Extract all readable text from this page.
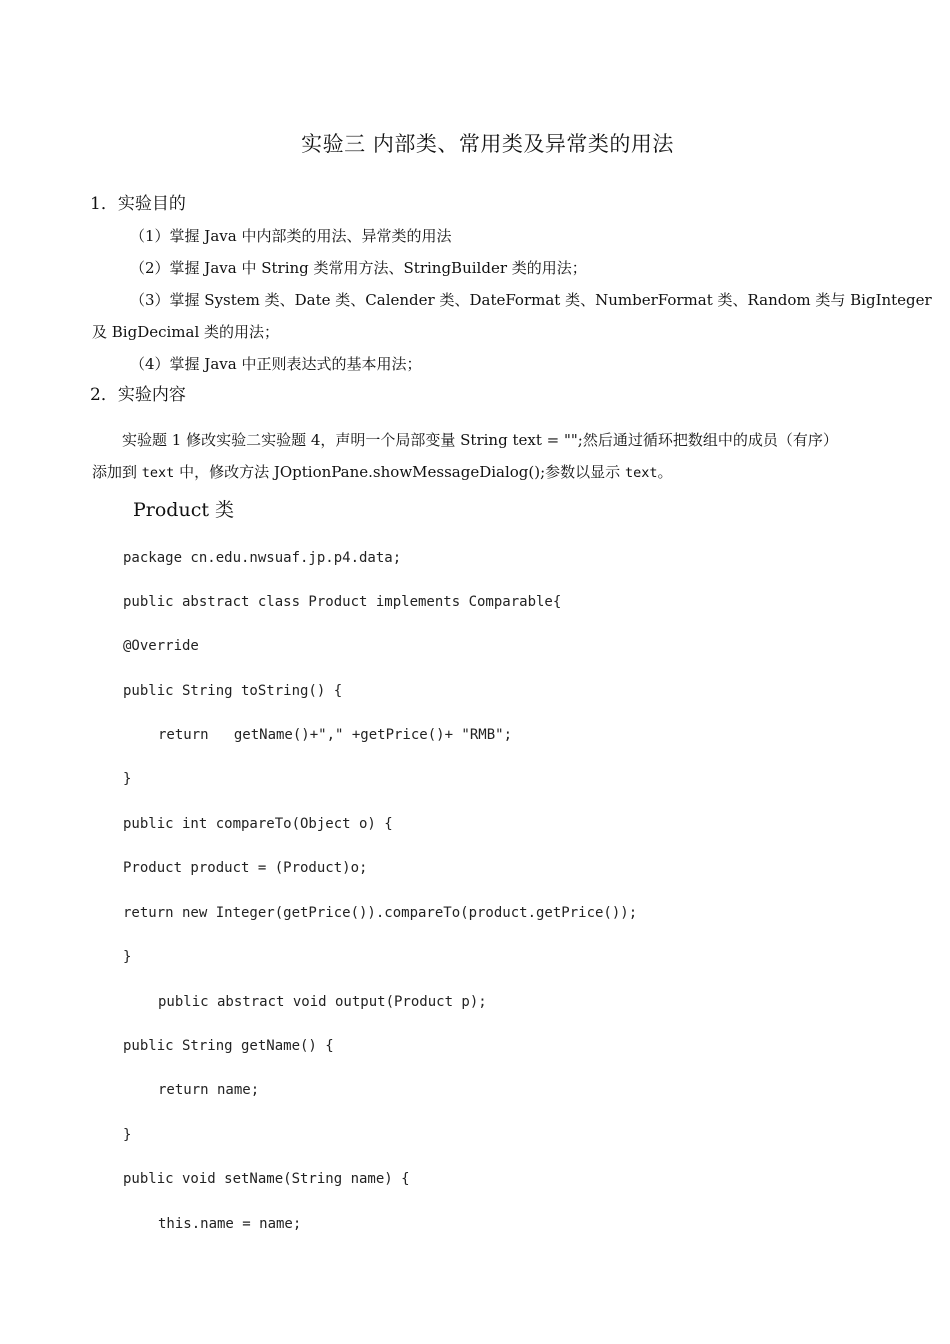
实验三 内部类、常用类及异常类的用法
1．实验目的
（1）掌握 Java 中内部类的用法、异常类的用法
（2）掌握 Java 中 String 类常用方法、StringBuilder 类的用法；
（3）掌握 System 类、Date 类、Calender 类、DateFormat 类、NumberFormat 类、Random 类与 BigInteger
及 BigDecimal 类的用法；
（4）掌握 Java 中正则表达式的基本用法；
2．实验内容
实验题 1 修改实验二实验题 4，声明一个局部变量 String text = "";然后通过循环把数组中的成员（有序）
添加到 text 中，修改方法 JOptionPane.showMessageDialog();参数以显示 text。
Product 类
package cn.edu.nwsuaf.jp.p4.data;
public abstract class Product implements Comparable{
@Override
public String toString() {
return   getName()+"," +getPrice()+ "RMB";
}
public int compareTo(Object o) {
Product product = (Product)o;
return new Integer(getPrice()).compareTo(product.getPrice());
}
public abstract void output(Product p);
public String getName() {
return name;
}
public void setName(String name) {
this.name = name;
